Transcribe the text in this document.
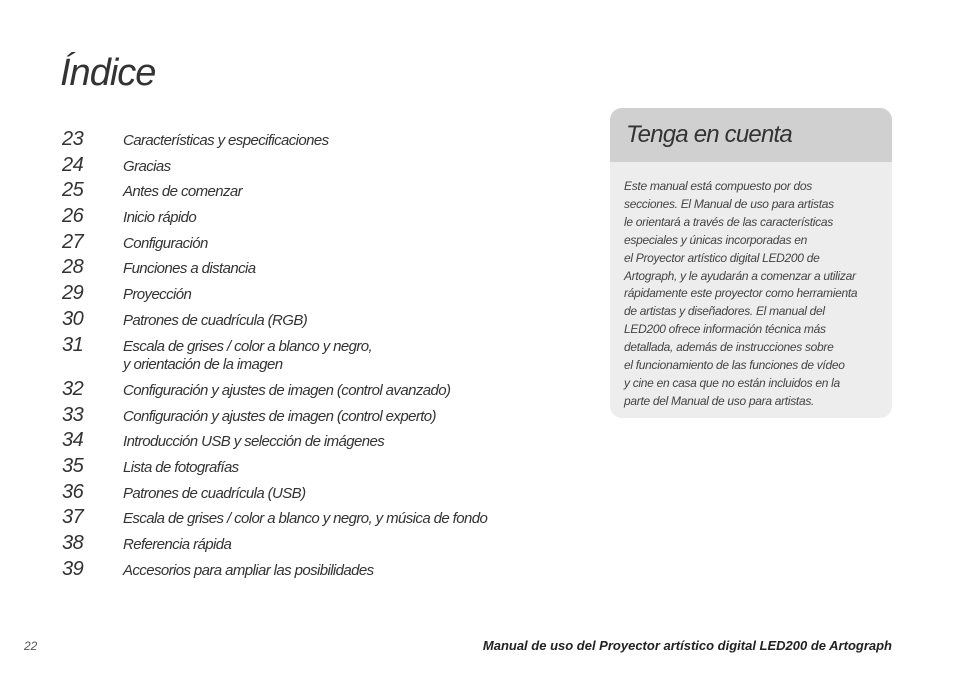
Índice
23	Características y especificaciones
24	Gracias
25	Antes de comenzar
26	Inicio rápido
27	Configuración
28	Funciones a distancia
29	Proyección
30	Patrones de cuadrícula (RGB)
31	Escala de grises / color a blanco y negro,
y orientación de la imagen
32	Configuración y ajustes de imagen (control avanzado)
33	Configuración y ajustes de imagen (control experto)
34	Introducción USB y selección de imágenes
35	Lista de fotografías
36	Patrones de cuadrícula (USB)
37	Escala de grises / color a blanco y negro, y música de fondo
38	Referencia rápida
39	Accesorios para ampliar las posibilidades
Tenga en cuenta
Este manual está compuesto por dos
secciones. El Manual de uso para artistas
le orientará a través de las características
especiales y únicas incorporadas en
el Proyector artístico digital LED200 de
Artograph, y le ayudarán a comenzar a utilizar
rápidamente este proyector como herramienta
de artistas y diseñadores. El manual del
LED200 ofrece información técnica más
detallada, además de instrucciones sobre
el funcionamiento de las funciones de vídeo
y cine en casa que no están incluidos en la
parte del Manual de uso para artistas.
22	Manual de uso del Proyector artístico digital LED200 de Artograph
